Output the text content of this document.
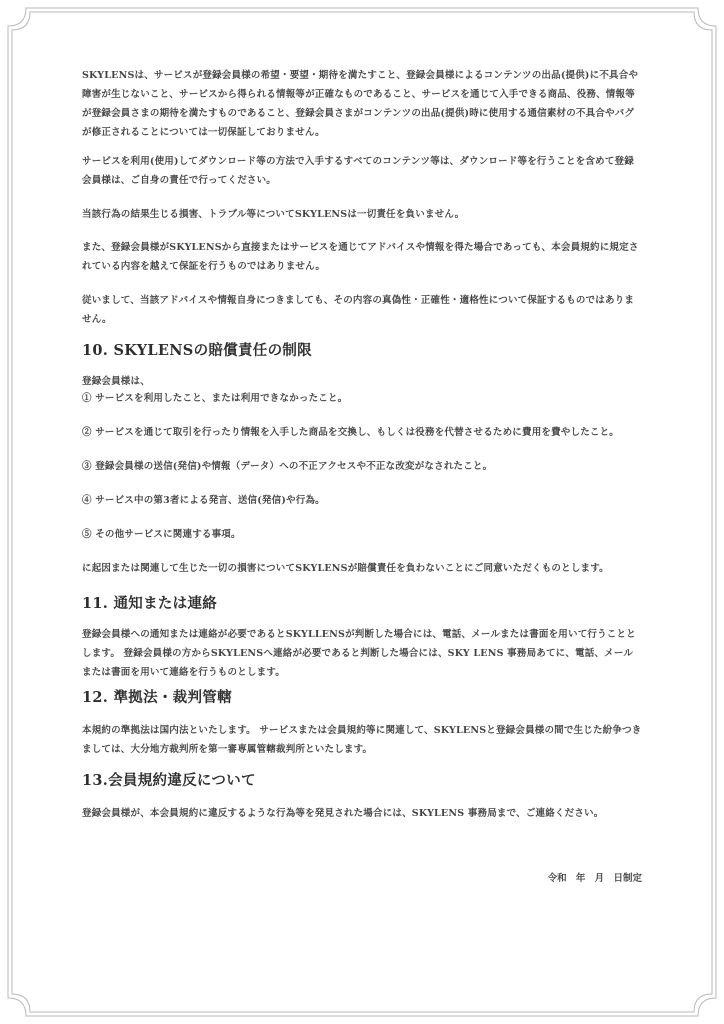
SKYLENSは、サービスが登録会員様の希望・要望・期待を満たすこと、登録会員様によるコンテンツの出品(提供)に不具合や障害が生じないこと、サービスから得られる情報等が正確なものであること、サービスを通じて入手できる商品、役務、情報等が登録会員さまの期待を満たすものであること、登録会員さまがコンテンツの出品(提供)時に使用する通信素材の不具合やバグが修正されることについては一切保証しておりません。

サービスを利用(使用)してダウンロード等の方法で入手するすべてのコンテンツ等は、ダウンロード等を行うことを含めて登録会員様は、ご自身の責任で行ってください。

当該行為の結果生じる損害、トラブル等についてSKYLENSは一切責任を負いません。

また、登録会員様がSKYLENSから直接またはサービスを通じてアドバイスや情報を得た場合であっても、本会員規約に規定されている内容を越えて保証を行うものではありません。

従いまして、当該アドバイスや情報自身につきましても、その内容の真偽性・正確性・適格性について保証するものではありません。

10. SKYLENSの賠償責任の制限

登録会員様は、

① サービスを利用したこと、または利用できなかったこと。

② サービスを通じて取引を行ったり情報を入手した商品を交換し、もしくは役務を代替させるために費用を費やしたこと。

③ 登録会員様の送信(発信)や情報（データ）への不正アクセスや不正な改変がなされたこと。

④ サービス中の第3者による発言、送信(発信)や行為。

⑤ その他サービスに関連する事項。

に起因または関連して生じた一切の損害についてSKYLENSが賠償責任を負わないことにご同意いただくものとします。

11. 通知または連絡

登録会員様への通知または連絡が必要であるとSKYLLENSが判断した場合には、電話、メールまたは書面を用いて行うこととします。 登録会員様の方からSKYLENSへ連絡が必要であると判断した場合には、SKY LENS 事務局あてに、電話、メールまたは書面を用いて連絡を行うものとします。

12. 準拠法・裁判管轄

本規約の準拠法は国内法といたします。 サービスまたは会員規約等に関連して、SKYLENSと登録会員様の間で生じた紛争つきましては、大分地方裁判所を第一審専属管轄裁判所といたします。

13.会員規約違反について

登録会員様が、本会員規約に違反するような行為等を発見された場合には、SKYLENS 事務局まで、ご連絡ください。

令和 年 月 日制定
